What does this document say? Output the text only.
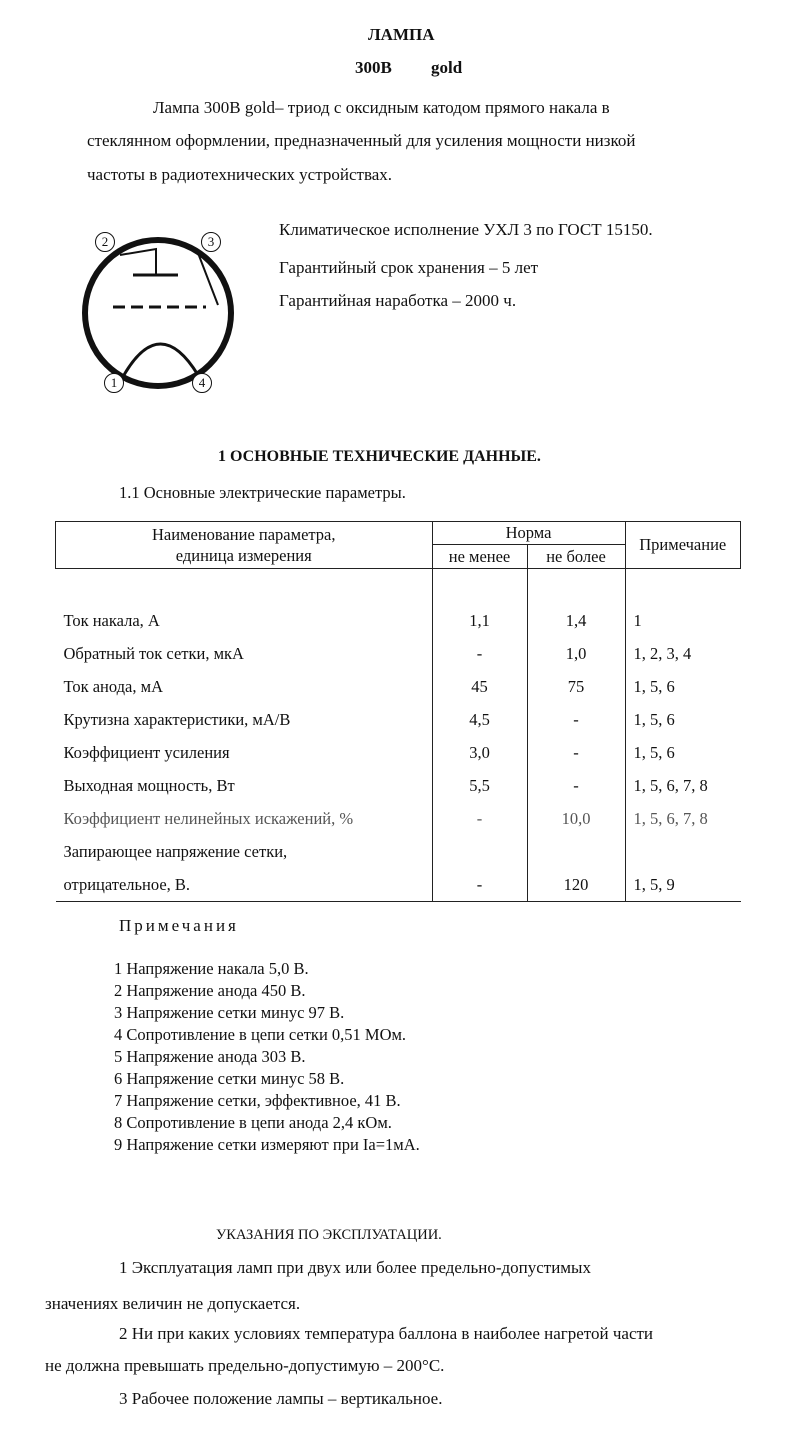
ЛАМПА
300В gold
Лампа 300В gold– триод с оксидным катодом прямого накала в
стеклянном оформлении, предназначенный для усиления мощности низкой
частоты в радиотехнических устройствах.
2	3
1	4
Климатическое исполнение УХЛ 3 по ГОСТ 15150.
Гарантийный срок хранения – 5 лет
Гарантийная наработка – 2000 ч.
1 ОСНОВНЫЕ ТЕХНИЧЕСКИЕ ДАННЫЕ.
1.1 Основные электрические параметры.
Наименование параметра,
единица измерения	Норма		Примечание
	не менее	не более	

Ток накала, А	1,1	1,4	1
Обратный ток сетки, мкА	-	1,0	1, 2, 3, 4
Ток анода, мА	45	75	1, 5, 6
Крутизна характеристики, мА/В	4,5	-	1, 5, 6
Коэффициент усиления	3,0	-	1, 5, 6
Выходная мощность, Вт	5,5	-	1, 5, 6, 7, 8
Коэффициент нелинейных искажений, %	-	10,0	1, 5, 6, 7, 8
Запирающее напряжение сетки,			
отрицательное, В.	-	120	1, 5, 9
Примечания
1 Напряжение накала 5,0 В.
2 Напряжение анода 450 В.
3 Напряжение сетки минус 97 В.
4 Сопротивление в цепи сетки 0,51 МОм.
5 Напряжение анода 303 В.
6 Напряжение сетки минус 58 В.
7 Напряжение сетки, эффективное, 41 В.
8 Сопротивление в цепи анода 2,4 кОм.
9 Напряжение сетки измеряют при Iа=1мА.
УКАЗАНИЯ ПО ЭКСПЛУАТАЦИИ.
1 Эксплуатация ламп при двух или более предельно-допустимых
значениях величин не допускается.
2 Ни при каких условиях температура баллона в наиболее нагретой части
не должна превышать предельно-допустимую – 200°С.
3 Рабочее положение лампы – вертикальное.
